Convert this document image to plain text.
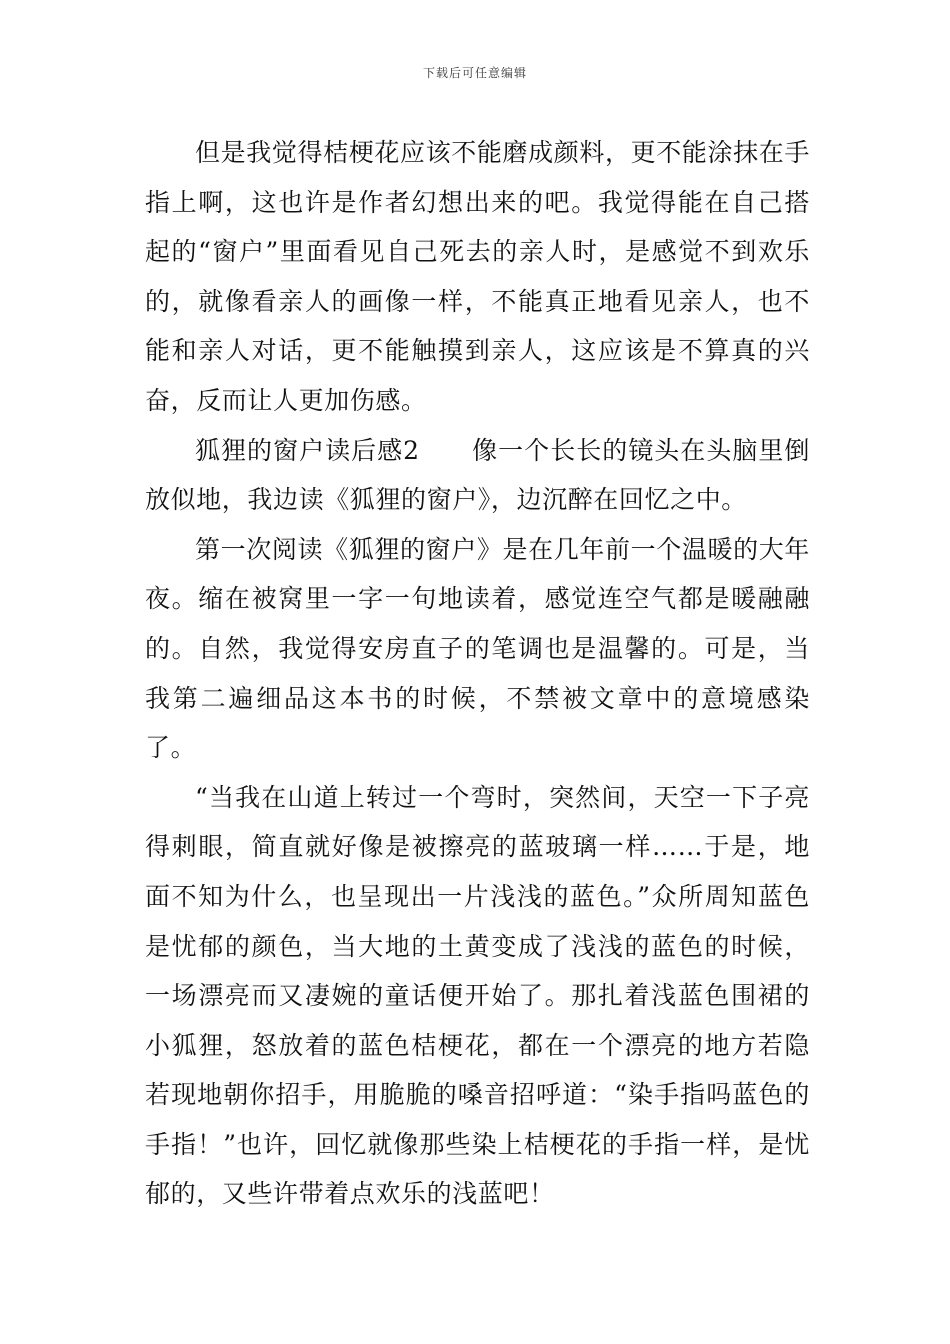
下载后可任意编辑

但是我觉得桔梗花应该不能磨成颜料，更不能涂抹在手指上啊，这也许是作者幻想出来的吧。我觉得能在自己搭起的“窗户”里面看见自己死去的亲人时，是感觉不到欢乐的，就像看亲人的画像一样，不能真正地看见亲人，也不能和亲人对话，更不能触摸到亲人，这应该是不算真的兴奋，反而让人更加伤感。

狐狸的窗户读后感2　　像一个长长的镜头在头脑里倒放似地，我边读《狐狸的窗户》，边沉醉在回忆之中。

第一次阅读《狐狸的窗户》是在几年前一个温暖的大年夜。缩在被窝里一字一句地读着，感觉连空气都是暖融融的。自然，我觉得安房直子的笔调也是温馨的。可是，当我第二遍细品这本书的时候，不禁被文章中的意境感染了。

“当我在山道上转过一个弯时，突然间，天空一下子亮得刺眼，简直就好像是被擦亮的蓝玻璃一样……于是，地面不知为什么，也呈现出一片浅浅的蓝色。”众所周知蓝色是忧郁的颜色，当大地的土黄变成了浅浅的蓝色的时候，一场漂亮而又凄婉的童话便开始了。那扎着浅蓝色围裙的小狐狸，怒放着的蓝色桔梗花，都在一个漂亮的地方若隐若现地朝你招手，用脆脆的嗓音招呼道：“染手指吗蓝色的手指！”也许，回忆就像那些染上桔梗花的手指一样，是忧郁的，又些许带着点欢乐的浅蓝吧！
